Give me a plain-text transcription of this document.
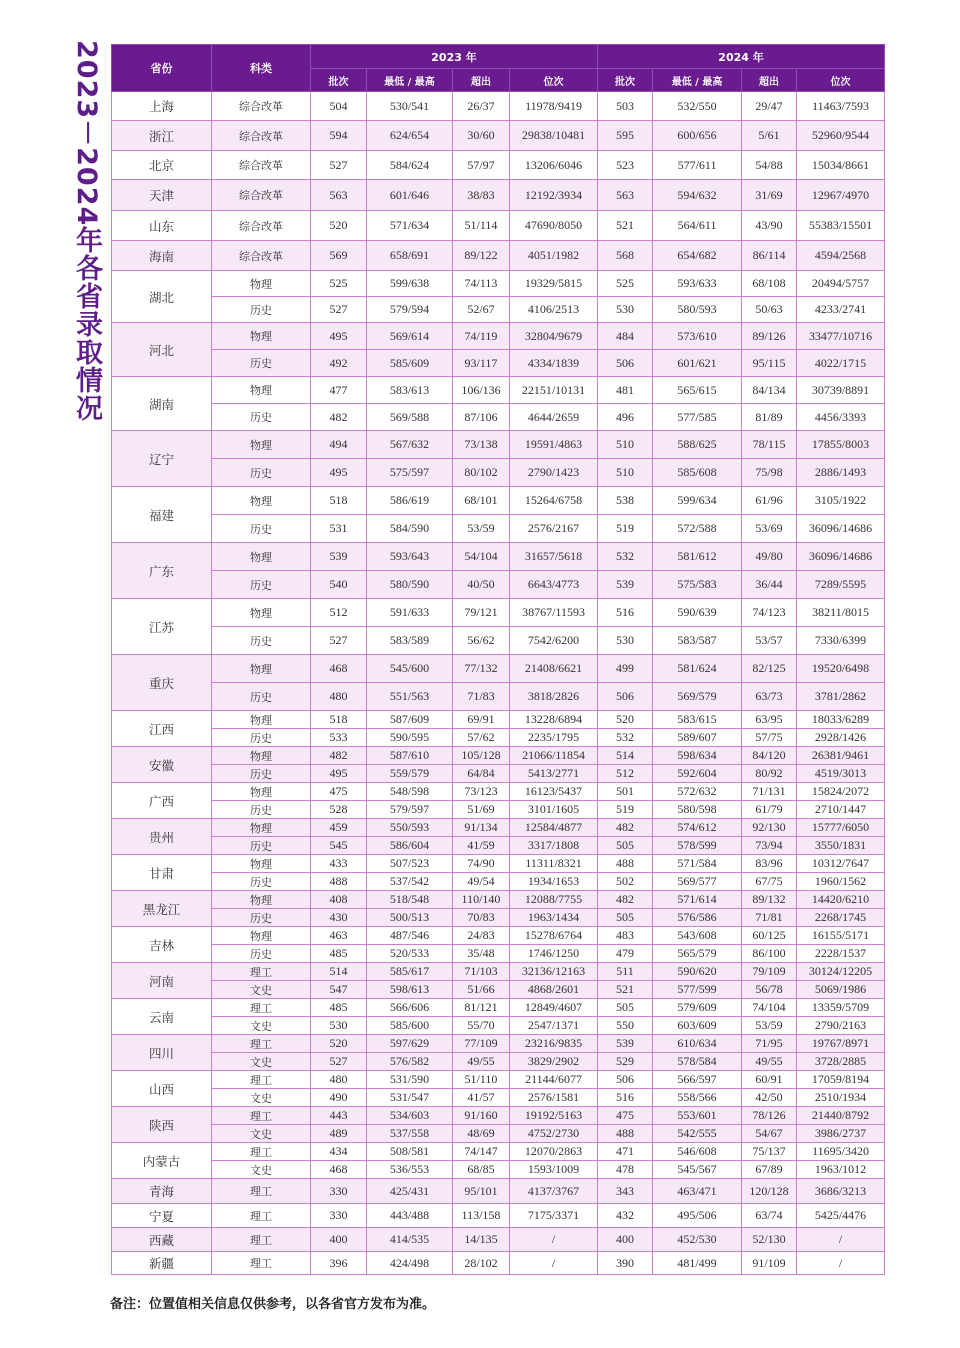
2023－2024年各省录取情况	省份	科类	2023 年				2024 年			
		批次	最低 / 最高	超出	位次	批次	最低 / 最高	超出	位次
上海	综合改革	504	530/541	26/37	11978/9419	503	532/550	29/47	11463/7593
浙江	综合改革	594	624/654	30/60	29838/10481	595	600/656	5/61	52960/9544
北京	综合改革	527	584/624	57/97	13206/6046	523	577/611	54/88	15034/8661
天津	综合改革	563	601/646	38/83	12192/3934	563	594/632	31/69	12967/4970
山东	综合改革	520	571/634	51/114	47690/8050	521	564/611	43/90	55383/15501
海南	综合改革	569	658/691	89/122	4051/1982	568	654/682	86/114	4594/2568
湖北	物理	525	599/638	74/113	19329/5815	525	593/633	68/108	20494/5757
	历史	527	579/594	52/67	4106/2513	530	580/593	50/63	4233/2741
河北	物理	495	569/614	74/119	32804/9679	484	573/610	89/126	33477/10716
	历史	492	585/609	93/117	4334/1839	506	601/621	95/115	4022/1715
湖南	物理	477	583/613	106/136	22151/10131	481	565/615	84/134	30739/8891
	历史	482	569/588	87/106	4644/2659	496	577/585	81/89	4456/3393
辽宁	物理	494	567/632	73/138	19591/4863	510	588/625	78/115	17855/8003
	历史	495	575/597	80/102	2790/1423	510	585/608	75/98	2886/1493
福建	物理	518	586/619	68/101	15264/6758	538	599/634	61/96	3105/1922
	历史	531	584/590	53/59	2576/2167	519	572/588	53/69	36096/14686
广东	物理	539	593/643	54/104	31657/5618	532	581/612	49/80	36096/14686
	历史	540	580/590	40/50	6643/4773	539	575/583	36/44	7289/5595
江苏	物理	512	591/633	79/121	38767/11593	516	590/639	74/123	38211/8015
	历史	527	583/589	56/62	7542/6200	530	583/587	53/57	7330/6399
重庆	物理	468	545/600	77/132	21408/6621	499	581/624	82/125	19520/6498
	历史	480	551/563	71/83	3818/2826	506	569/579	63/73	3781/2862
江西	物理	518	587/609	69/91	13228/6894	520	583/615	63/95	18033/6289
	历史	533	590/595	57/62	2235/1795	532	589/607	57/75	2928/1426
安徽	物理	482	587/610	105/128	21066/11854	514	598/634	84/120	26381/9461
	历史	495	559/579	64/84	5413/2771	512	592/604	80/92	4519/3013
广西	物理	475	548/598	73/123	16123/5437	501	572/632	71/131	15824/2072
	历史	528	579/597	51/69	3101/1605	519	580/598	61/79	2710/1447
贵州	物理	459	550/593	91/134	12584/4877	482	574/612	92/130	15777/6050
	历史	545	586/604	41/59	3317/1808	505	578/599	73/94	3550/1831
甘肃	物理	433	507/523	74/90	11311/8321	488	571/584	83/96	10312/7647
	历史	488	537/542	49/54	1934/1653	502	569/577	67/75	1960/1562
黑龙江	物理	408	518/548	110/140	12088/7755	482	571/614	89/132	14420/6210
	历史	430	500/513	70/83	1963/1434	505	576/586	71/81	2268/1745
吉林	物理	463	487/546	24/83	15278/6764	483	543/608	60/125	16155/5171
	历史	485	520/533	35/48	1746/1250	479	565/579	86/100	2228/1537
河南	理工	514	585/617	71/103	32136/12163	511	590/620	79/109	30124/12205
	文史	547	598/613	51/66	4868/2601	521	577/599	56/78	5069/1986
云南	理工	485	566/606	81/121	12849/4607	505	579/609	74/104	13359/5709
	文史	530	585/600	55/70	2547/1371	550	603/609	53/59	2790/2163
四川	理工	520	597/629	77/109	23216/9835	539	610/634	71/95	19767/8971
	文史	527	576/582	49/55	3829/2902	529	578/584	49/55	3728/2885
山西	理工	480	531/590	51/110	21144/6077	506	566/597	60/91	17059/8194
	文史	490	531/547	41/57	2576/1581	516	558/566	42/50	2510/1934
陕西	理工	443	534/603	91/160	19192/5163	475	553/601	78/126	21440/8792
	文史	489	537/558	48/69	4752/2730	488	542/555	54/67	3986/2737
内蒙古	理工	434	508/581	74/147	12070/2863	471	546/608	75/137	11695/3420
	文史	468	536/553	68/85	1593/1009	478	545/567	67/89	1963/1012
青海	理工	330	425/431	95/101	4137/3767	343	463/471	120/128	3686/3213
宁夏	理工	330	443/488	113/158	7175/3371	432	495/506	63/74	5425/4476
西藏	理工	400	414/535	14/135	/	400	452/530	52/130	/
新疆	理工	396	424/498	28/102	/	390	481/499	91/109	/
备注：位置值相关信息仅供参考，以各省官方发布为准。
